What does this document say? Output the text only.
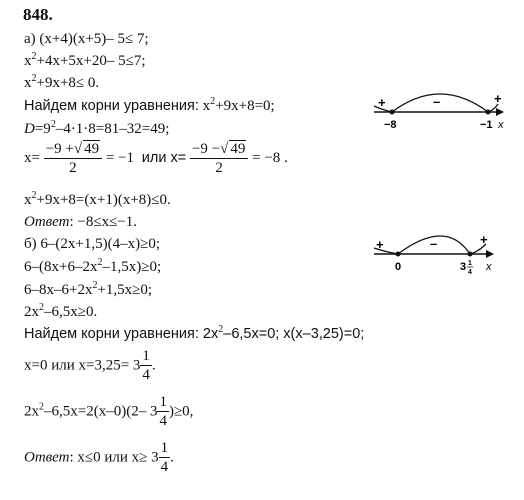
848.
а) (x+4)(x+5)– 5≤ 7;
$x^2+4x+5x+20-$ 5≤7;
$x^2+9x+8\le 0$.
Найдем корни уравнения: $x^2+9x+8=0$;
$D=9^2-4\cdot 1\cdot 8=81-32=49$;
$x= \frac{-9 +√ 49}{2} = -1$ или $x= \frac{-9 -√ 49}{2} = -8$ .
$x^2+9x+8=(x+1)(x+8)\le 0$.
Ответ: −8≤x≤−1.
+	–	+
−8	−1 x
б) 6–(2x+1,5)(4–x)≥0;
$6-(8x+6-2x^2-1,5x)\ge 0$;
$6-8x-6+2x^2+1,5x\ge 0$;
$2x^2-6,5x\ge 0$.
Найдем корни уравнения: $2x^2-6,5x=0$; x(x–3,25)=0;
x=0 или $x=3,25= 3 \frac{1}{4}$ .
$2x^2-6,5x=2(x-0)(2-$ $3 \frac{1}{4} )\ge 0$,
Ответ: x≤0 или $x\ge 3 \frac{1}{4}$ .
+	–	+
0	3 1
4 x
